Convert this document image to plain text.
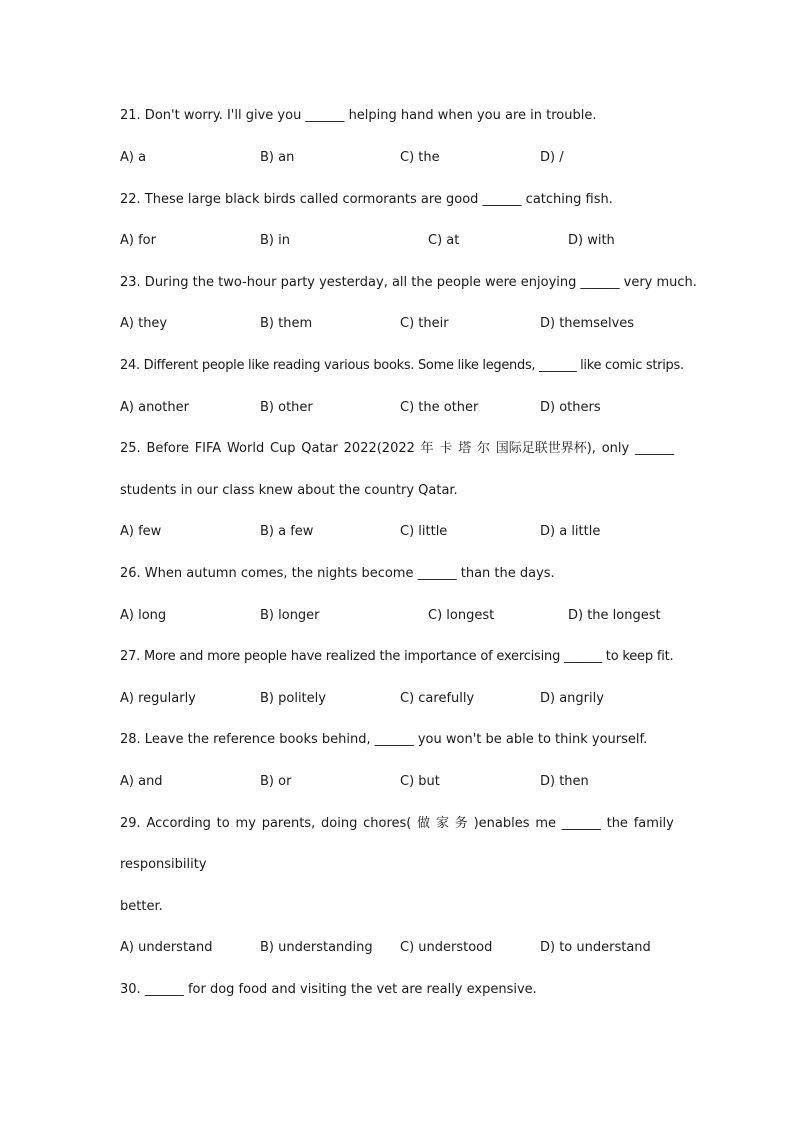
21. Don't worry. I'll give you ______ helping hand when you are in trouble.
A) a	B) an	C) the	D) /
22. These large black birds called cormorants are good ______ catching fish.
A) for	B) in	C) at	D) with
23. During the two-hour party yesterday, all the people were enjoying ______ very much.
A) they	B) them	C) their	D) themselves
24. Different people like reading various books. Some like legends, ______ like comic strips.
A) another	B) other	C) the other	D) others
25. Before FIFA World Cup Qatar 2022(2022 年 卡 塔 尔 国际足联世界杯), only ______
students in our class knew about the country Qatar.
A) few	B) a few	C) little	D) a little
26. When autumn comes, the nights become ______ than the days.
A) long	B) longer	C) longest	D) the longest
27. More and more people have realized the importance of exercising ______ to keep fit.
A) regularly	B) politely	C) carefully	D) angrily
28. Leave the reference books behind, ______ you won't be able to think yourself.
A) and	B) or	C) but	D) then
29. According to my parents, doing chores( 做 家 务 )enables me ______ the family
responsibility
better.
A) understand	B) understanding C) understood	D) to understand
30. ______ for dog food and visiting the vet are really expensive.
